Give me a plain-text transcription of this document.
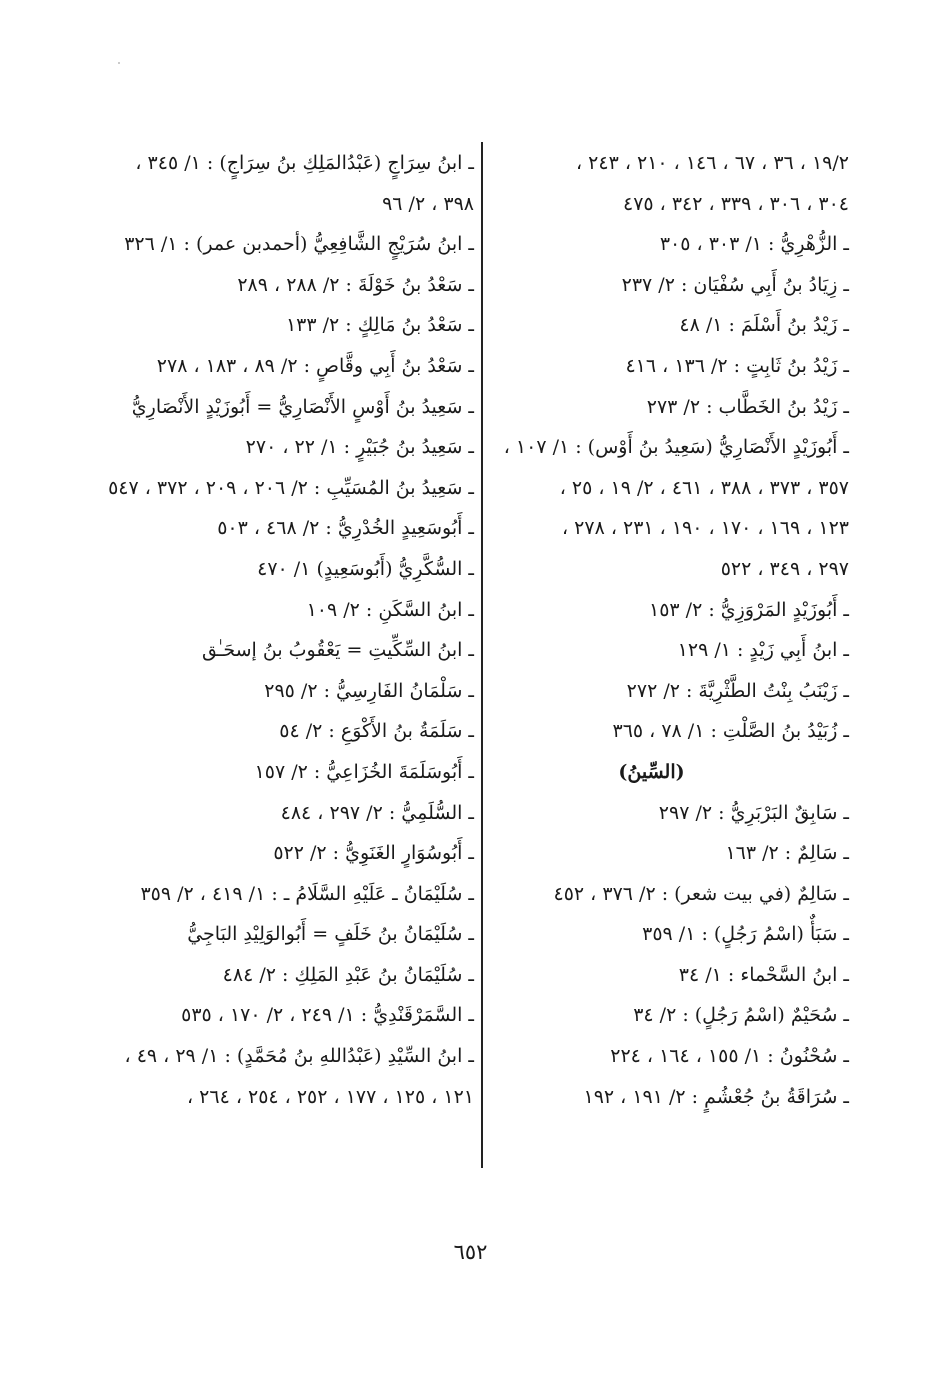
١٩/٢ ، ٣٦ ، ٦٧ ، ١٤٦ ، ٢١٠ ، ٢٤٣ ،
٣٠٤ ، ٣٠٦ ، ٣٣٩ ، ٣٤٢ ، ٤٧٥
ـ الزُّهْرِيُّ : ١/ ٣٠٣ ، ٣٠٥
ـ زِيَادُ بنُ أَبِي سُفْيَان : ٢/ ٢٣٧
ـ زَيْدُ بنُ أَسْلَمَ : ١/ ٤٨
ـ زَيْدُ بنُ ثَابِتٍ : ٢/ ١٣٦ ، ٤١٦
ـ زَيْدُ بنُ الخَطَّاب : ٢/ ٢٧٣
ـ أَبُوزَيْدٍ الأَنْصَارِيُّ (سَعِيدُ بنُ أَوْس) : ١/ ١٠٧ ،
٣٥٧ ، ٣٧٣ ، ٣٨٨ ، ٤٦١ ، ٢/ ١٩ ، ٢٥ ،
١٢٣ ، ١٦٩ ، ١٧٠ ، ١٩٠ ، ٢٣١ ، ٢٧٨ ،
٢٩٧ ، ٣٤٩ ، ٥٢٢
ـ أَبُوزَيْدٍ المَرْوَزِيُّ : ٢/ ١٥٣
ـ ابنُ أَبِي زَيْدٍ : ١/ ١٢٩
ـ زَيْنَبُ بِنْتُ الطَّثْرِيَّةَ : ٢/ ٢٧٢
ـ زُبَيْدُ بنُ الصَّلْتِ : ١/ ٧٨ ، ٣٦٥
(السِّينُ)
ـ سَابِقٌ البَرْبَرِيُّ : ٢/ ٢٩٧
ـ سَالِمٌ : ٢/ ١٦٣
ـ سَالِمٌ (في بيت شعر) : ٢/ ٣٧٦ ، ٤٥٢
ـ سَبَأٌ (اسْمُ رَجُلٍ) : ١/ ٣٥٩
ـ ابنُ السَّحْماء : ١/ ٣٤
ـ سُحَيْمٌ (اسْمُ رَجُلٍ) : ٢/ ٣٤
ـ سُحْنُونُ : ١/ ١٥٥ ، ١٦٤ ، ٢٢٤
ـ سُرَاقَةُ بنُ جُعْشُمٍ : ٢/ ١٩١ ، ١٩٢
ـ ابنُ سِرَاجٍ (عَبْدُالمَلِكِ بنُ سِرَاجٍ) : ١/ ٣٤٥ ،
٣٩٨ ، ٢/ ٩٦
ـ ابنُ سُرَيْجٍ الشَّافِعِيُّ (أحمدبن عمر) : ١/ ٣٢٦
ـ سَعْدُ بنُ خَوْلَةَ : ٢/ ٢٨٨ ، ٢٨٩
ـ سَعْدُ بنُ مَالِكٍ : ٢/ ١٣٣
ـ سَعْدُ بنُ أَبِي وقَّاصٍ : ٢/ ٨٩ ، ١٨٣ ، ٢٧٨
ـ سَعِيدُ بنُ أَوْسٍ الأَنْصَارِيُّ = أَبُوزَيْدٍ الأَنْصَارِيُّ
ـ سَعِيدُ بنُ جُبَيْرٍ : ١/ ٢٢ ، ٢٧٠
ـ سَعِيدُ بنُ المُسَيِّبِ : ٢/ ٢٠٦ ، ٢٠٩ ، ٣٧٢ ، ٥٤٧
ـ أَبُوسَعِيدٍ الخُدْرِيُّ : ٢/ ٤٦٨ ، ٥٠٣
ـ السُّكَّرِيُّ (أَبُوسَعِيدٍ) ١/ ٤٧٠
ـ ابنُ السَّكَنِ : ٢/ ١٠٩
ـ ابنُ السِّكِّيتِ = يَعْقُوبُ بنُ إسحَـٰق
ـ سَلْمَانُ الفَارِسِيُّ : ٢/ ٢٩٥
ـ سَلَمَةُ بنُ الأَكْوَعِ : ٢/ ٥٤
ـ أَبُوسَلَمَةَ الخُزَاعِيُّ : ٢/ ١٥٧
ـ السُّلَمِيُّ : ٢/ ٢٩٧ ، ٤٨٤
ـ أَبُوسُوَارٍ الغَنَوِيُّ : ٢/ ٥٢٢
ـ سُلَيْمَانُ ـ عَلَيْهِ السَّلَامُ ـ : ١/ ٤١٩ ، ٢/ ٣٥٩
ـ سُلَيْمَانُ بنُ خَلَفٍ = أَبُوالوَلِيْدِ البَاجِيُّ
ـ سُلَيْمَانُ بنُ عَبْدِ المَلِكِ : ٢/ ٤٨٤
ـ السَّمَرْقَنْدِيُّ : ١/ ٢٤٩ ، ٢/ ١٧٠ ، ٥٣٥
ـ ابنُ السِّيْدِ (عَبْدُاللهِ بنُ مُحَمَّدٍ) : ١/ ٢٩ ، ٤٩ ،
١٢١ ، ١٢٥ ، ١٧٧ ، ٢٥٢ ، ٢٥٤ ، ٢٦٤ ،
٦٥٢
